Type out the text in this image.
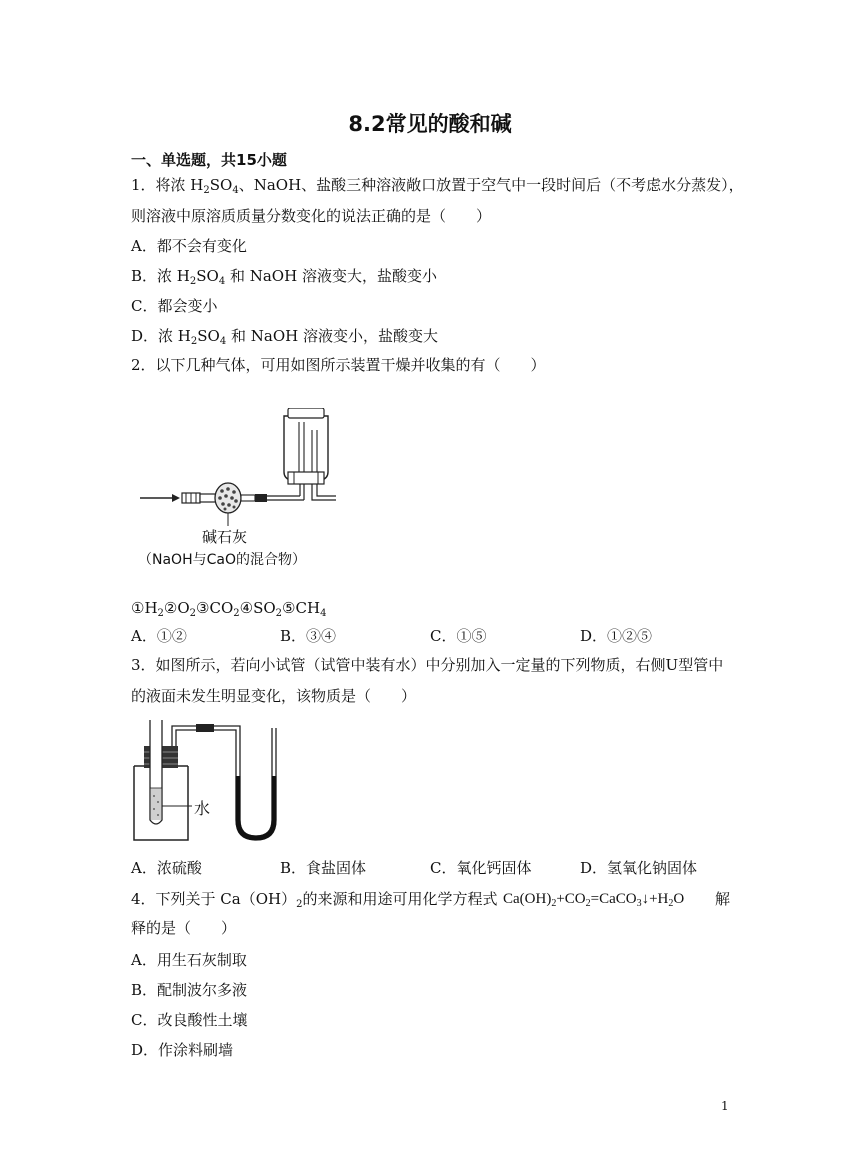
8.2常见的酸和碱
一、单选题，共15小题
1．将浓 $H_2SO_4$、NaOH、盐酸三种溶液敞口放置于空气中一段时间后（不考虑水分蒸发），
则溶液中原溶质质量分数变化的说法正确的是（　　）
A．都不会有变化
B．浓 $H_2SO_4$ 和 NaOH 溶液变大，盐酸变小
C．都会变小
D．浓 $H_2SO_4$ 和 NaOH 溶液变小，盐酸变大
2．以下几种气体，可用如图所示装置干燥并收集的有（　　）
碱石灰
（NaOH与CaO的混合物）
$①H_2②O_2③CO_2④SO_2⑤CH_4$
A．①②	B．③④	C．①⑤	D．①②⑤
3．如图所示，若向小试管（试管中装有水）中分别加入一定量的下列物质，右侧U型管中
的液面未发生明显变化，该物质是（　　）
水
A．浓硫酸	B．食盐固体	C．氧化钙固体	D．氢氧化钠固体
4．下列关于 $Ca(OH)_2$的来源和用途可用化学方程式 $Ca(OH)_2+CO_2=CaCO_3↓+H_2O$ 解
释的是（　　）
A．用生石灰制取
B．配制波尔多液
C．改良酸性土壤
D．作涂料刷墙
1
